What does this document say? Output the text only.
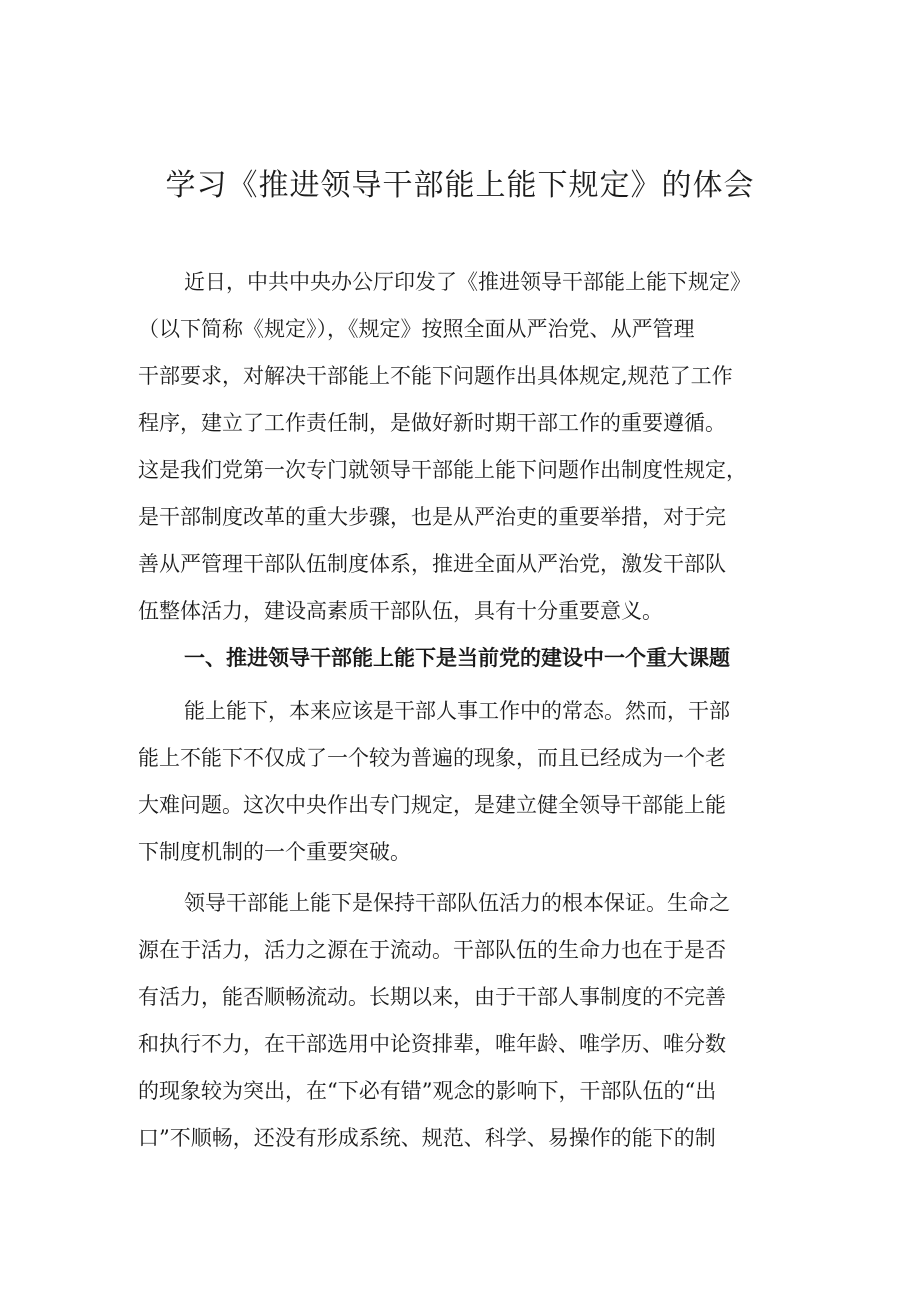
学习《推进领导干部能上能下规定》的体会
近日，中共中央办公厅印发了《推进领导干部能上能下规定》
（以下简称《规定》），《规定》按照全面从严治党、从严管理
干部要求，对解决干部能上不能下问题作出具体规定,规范了工作
程序，建立了工作责任制，是做好新时期干部工作的重要遵循。
这是我们党第一次专门就领导干部能上能下问题作出制度性规定，
是干部制度改革的重大步骤，也是从严治吏的重要举措，对于完
善从严管理干部队伍制度体系，推进全面从严治党，激发干部队
伍整体活力，建设高素质干部队伍，具有十分重要意义。
一、推进领导干部能上能下是当前党的建设中一个重大课题
能上能下，本来应该是干部人事工作中的常态。然而，干部
能上不能下不仅成了一个较为普遍的现象，而且已经成为一个老
大难问题。这次中央作出专门规定，是建立健全领导干部能上能
下制度机制的一个重要突破。
领导干部能上能下是保持干部队伍活力的根本保证。生命之
源在于活力，活力之源在于流动。干部队伍的生命力也在于是否
有活力，能否顺畅流动。长期以来，由于干部人事制度的不完善
和执行不力，在干部选用中论资排辈，唯年龄、唯学历、唯分数
的现象较为突出，在“下必有错”观念的影响下，干部队伍的“出
口”不顺畅，还没有形成系统、规范、科学、易操作的能下的制
